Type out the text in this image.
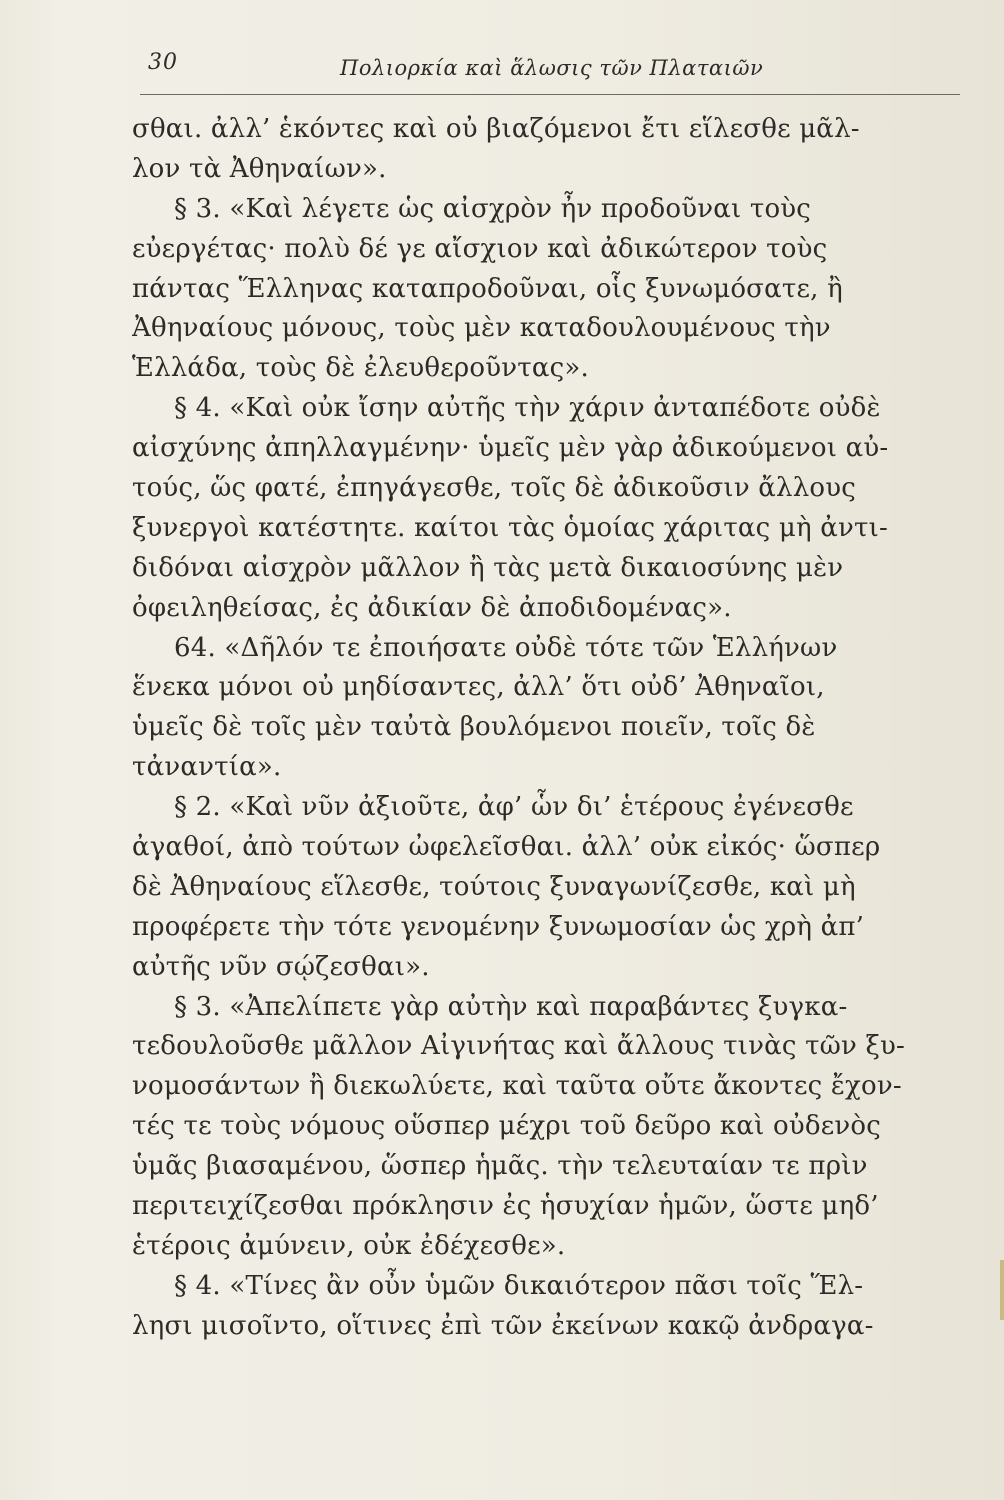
30	Πολιορκία καὶ ἅλωσις τῶν Πλαταιῶν
σθαι. ἀλλ’ ἑκόντες καὶ οὐ βιαζόμενοι ἔτι εἵλεσθε μᾶλ-
λον τὰ Ἀθηναίων».
§ 3. «Καὶ λέγετε ὡς αἰσχρὸν ἦν προδοῦναι τοὺς
εὐεργέτας· πολὺ δέ γε αἴσχιον καὶ ἀδικώτερον τοὺς
πάντας Ἕλληνας καταπροδοῦναι, οἷς ξυνωμόσατε, ἢ
Ἀθηναίους μόνους, τοὺς μὲν καταδουλουμένους τὴν
Ἑλλάδα, τοὺς δὲ ἐλευθεροῦντας».
§ 4. «Καὶ οὐκ ἴσην αὐτῆς τὴν χάριν ἀνταπέδοτε οὐδὲ
αἰσχύνης ἀπηλλαγμένην· ὑμεῖς μὲν γὰρ ἀδικούμενοι αὐ-
τούς, ὥς φατέ, ἐπηγάγεσθε, τοῖς δὲ ἀδικοῦσιν ἄλλους
ξυνεργοὶ κατέστητε. καίτοι τὰς ὁμοίας χάριτας μὴ ἀντι-
διδόναι αἰσχρὸν μᾶλλον ἢ τὰς μετὰ δικαιοσύνης μὲν
ὀφειληθείσας, ἐς ἀδικίαν δὲ ἀποδιδομένας».
64. «Δῆλόν τε ἐποιήσατε οὐδὲ τότε τῶν Ἑλλήνων
ἕνεκα μόνοι οὐ μηδίσαντες, ἀλλ’ ὅτι οὐδ’ Ἀθηναῖοι,
ὑμεῖς δὲ τοῖς μὲν ταὐτὰ βουλόμενοι ποιεῖν, τοῖς δὲ
τἀναντία».
§ 2. «Καὶ νῦν ἀξιοῦτε, ἀφ’ ὧν δι’ ἑτέρους ἐγένεσθε
ἀγαθοί, ἀπὸ τούτων ὠφελεῖσθαι. ἀλλ’ οὐκ εἰκός· ὥσπερ
δὲ Ἀθηναίους εἵλεσθε, τούτοις ξυναγωνίζεσθε, καὶ μὴ
προφέρετε τὴν τότε γενομένην ξυνωμοσίαν ὡς χρὴ ἀπ’
αὐτῆς νῦν σῴζεσθαι».
§ 3. «Ἀπελίπετε γὰρ αὐτὴν καὶ παραβάντες ξυγκα-
τεδουλοῦσθε μᾶλλον Αἰγινήτας καὶ ἄλλους τινὰς τῶν ξυ-
νομοσάντων ἢ διεκωλύετε, καὶ ταῦτα οὔτε ἄκοντες ἔχον-
τές τε τοὺς νόμους οὕσπερ μέχρι τοῦ δεῦρο καὶ οὐδενὸς
ὑμᾶς βιασαμένου, ὥσπερ ἡμᾶς. τὴν τελευταίαν τε πρὶν
περιτειχίζεσθαι πρόκλησιν ἐς ἡσυχίαν ἡμῶν, ὥστε μηδ’
ἑτέροις ἀμύνειν, οὐκ ἐδέχεσθε».
§ 4. «Τίνες ἂν οὖν ὑμῶν δικαιότερον πᾶσι τοῖς Ἕλ-
λησι μισοῖντο, οἵτινες ἐπὶ τῶν ἐκείνων κακῷ ἀνδραγα-
